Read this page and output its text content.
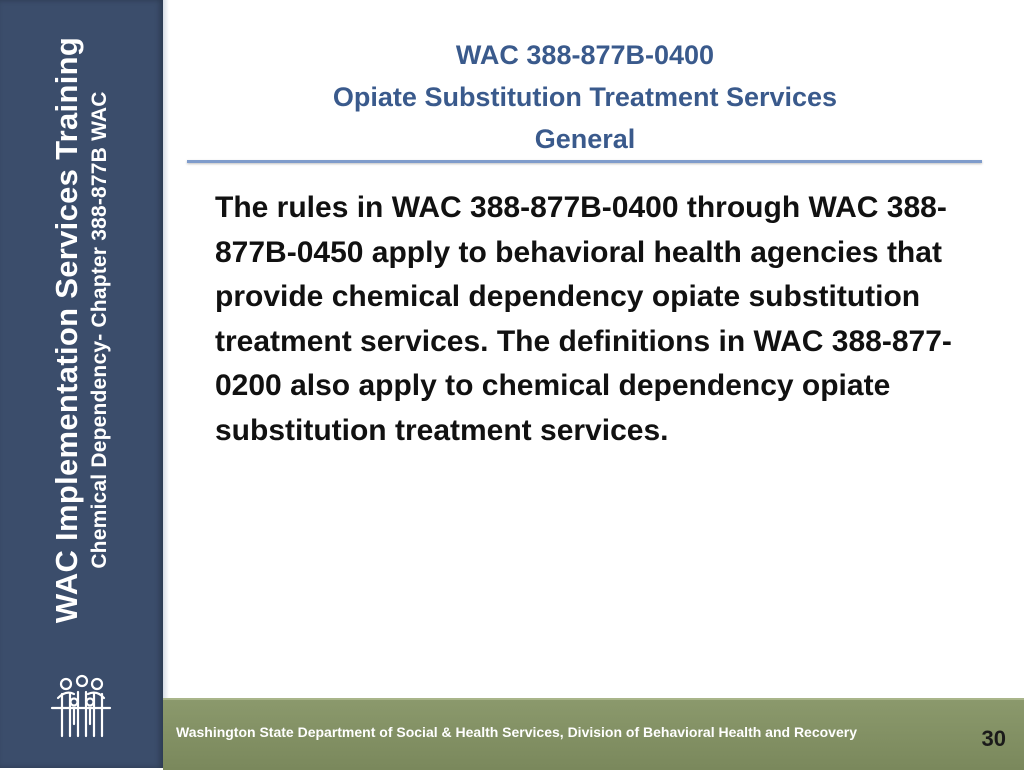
WAC Implementation Services Training Chemical Dependency- Chapter 388-877B WAC
WAC 388-877B-0400
Opiate Substitution Treatment Services
General
The rules in WAC 388-877B-0400 through WAC 388-877B-0450 apply to behavioral health agencies that provide chemical dependency opiate substitution treatment services. The definitions in WAC 388-877-0200 also apply to chemical dependency opiate substitution treatment services.
Washington State Department of Social & Health Services, Division of Behavioral Health and Recovery	30
